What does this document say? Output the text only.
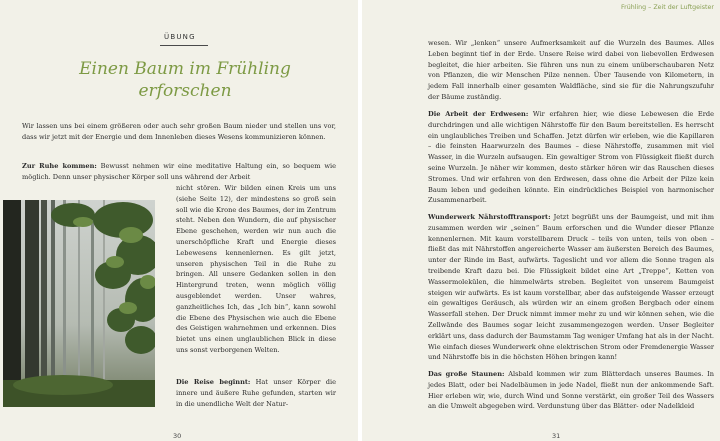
ÜBUNG
Einen Baum im Frühling
erforschen

Wir lassen uns bei einem größeren oder auch sehr großen Baum nieder und stellen uns vor, dass wir jetzt mit der Energie und dem Innenleben dieses Wesens kommunizieren können.

Zur Ruhe kommen: Bewusst nehmen wir eine meditative Haltung ein, so bequem wie möglich. Denn unser physischer Körper soll uns während der Arbeit

nicht stören. Wir bilden einen Kreis um uns (siehe Seite 12), der mindestens so groß sein soll wie die Krone des Baumes, der im Zentrum steht. Neben den Wundern, die auf physischer Ebene geschehen, werden wir nun auch die unerschöpfliche Kraft und Energie dieses Lebewesens kennenlernen. Es gilt jetzt, unseren physischen Teil in die Ruhe zu bringen. All unsere Gedanken sollen in den Hintergrund treten, wenn möglich völlig ausgeblendet werden. Unser wahres, ganzheitliches Ich, das „Ich bin“, kann sowohl die Ebene des Physischen wie auch die Ebene des Geistigen wahrnehmen und erkennen. Dies bietet uns einen unglaublichen Blick in diese uns sonst verborgenen Welten.

Die Reise beginnt: Hat unser Körper die innere und äußere Ruhe gefunden, starten wir in die unendliche Welt der Natur-

30
Frühling – Zeit der Luftgeister

wesen. Wir „lenken“ unsere Aufmerksamkeit auf die Wurzeln des Baumes. Alles Leben beginnt tief in der Erde. Unsere Reise wird dabei von liebevollen Erdwesen begleitet, die hier arbeiten. Sie führen uns nun zu einem unüberschaubaren Netz von Pflanzen, die wir Menschen Pilze nennen. Über Tausende von Kilometern, in jedem Fall innerhalb einer gesamten Waldfläche, sind sie für die Nahrungszufuhr der Bäume zuständig.

Die Arbeit der Erdwesen: Wir erfahren hier, wie diese Lebewesen die Erde durchdringen und alle wichtigen Nährstoffe für den Baum bereitstellen. Es herrscht ein unglaubliches Treiben und Schaffen. Jetzt dürfen wir erleben, wie die Kapillaren – die feinsten Haarwurzeln des Baumes – diese Nährstoffe, zusammen mit viel Wasser, in die Wurzeln aufsaugen. Ein gewaltiger Strom von Flüssigkeit fließt durch seine Wurzeln. Je näher wir kommen, desto stärker hören wir das Rauschen dieses Stromes. Und wir erfahren von den Erdwesen, dass ohne die Arbeit der Pilze kein Baum leben und gedeihen könnte. Ein eindrückliches Beispiel von harmonischer Zusammenarbeit.

Wunderwerk Nährstofftransport: Jetzt begrüßt uns der Baumgeist, und mit ihm zusammen werden wir „seinen“ Baum erforschen und die Wunder dieser Pflanze kennenlernen. Mit kaum vorstellbarem Druck – teils von unten, teils von oben – fließt das mit Nährstoffen angereicherte Wasser am äußersten Bereich des Baumes, unter der Rinde im Bast, aufwärts. Tageslicht und vor allem die Sonne tragen als treibende Kraft dazu bei. Die Flüssigkeit bildet eine Art „Treppe“, Ketten von Wassermolekülen, die himmelwärts streben. Begleitet von unserem Baumgeist steigen wir aufwärts. Es ist kaum vorstellbar, aber das aufsteigende Wasser erzeugt ein gewaltiges Geräusch, als würden wir an einem großen Bergbach oder einem Wasserfall stehen. Der Druck nimmt immer mehr zu und wir können sehen, wie die Zellwände des Baumes sogar leicht zusammengezogen werden. Unser Begleiter erklärt uns, dass dadurch der Baumstamm Tag weniger Umfang hat als in der Nacht. Wie einfach dieses Wunderwerk ohne elektrischen Strom oder Fremdenergie Wasser und Nährstoffe bis in die höchsten Höhen bringen kann!

Das große Staunen: Alsbald kommen wir zum Blätterdach unseres Baumes. In jedes Blatt, oder bei Nadelbäumen in jede Nadel, fließt nun der ankommende Saft. Hier erleben wir, wie, durch Wind und Sonne verstärkt, ein großer Teil des Wassers an die Umwelt abgegeben wird. Verdunstung über das Blätter- oder Nadelkleid

31
